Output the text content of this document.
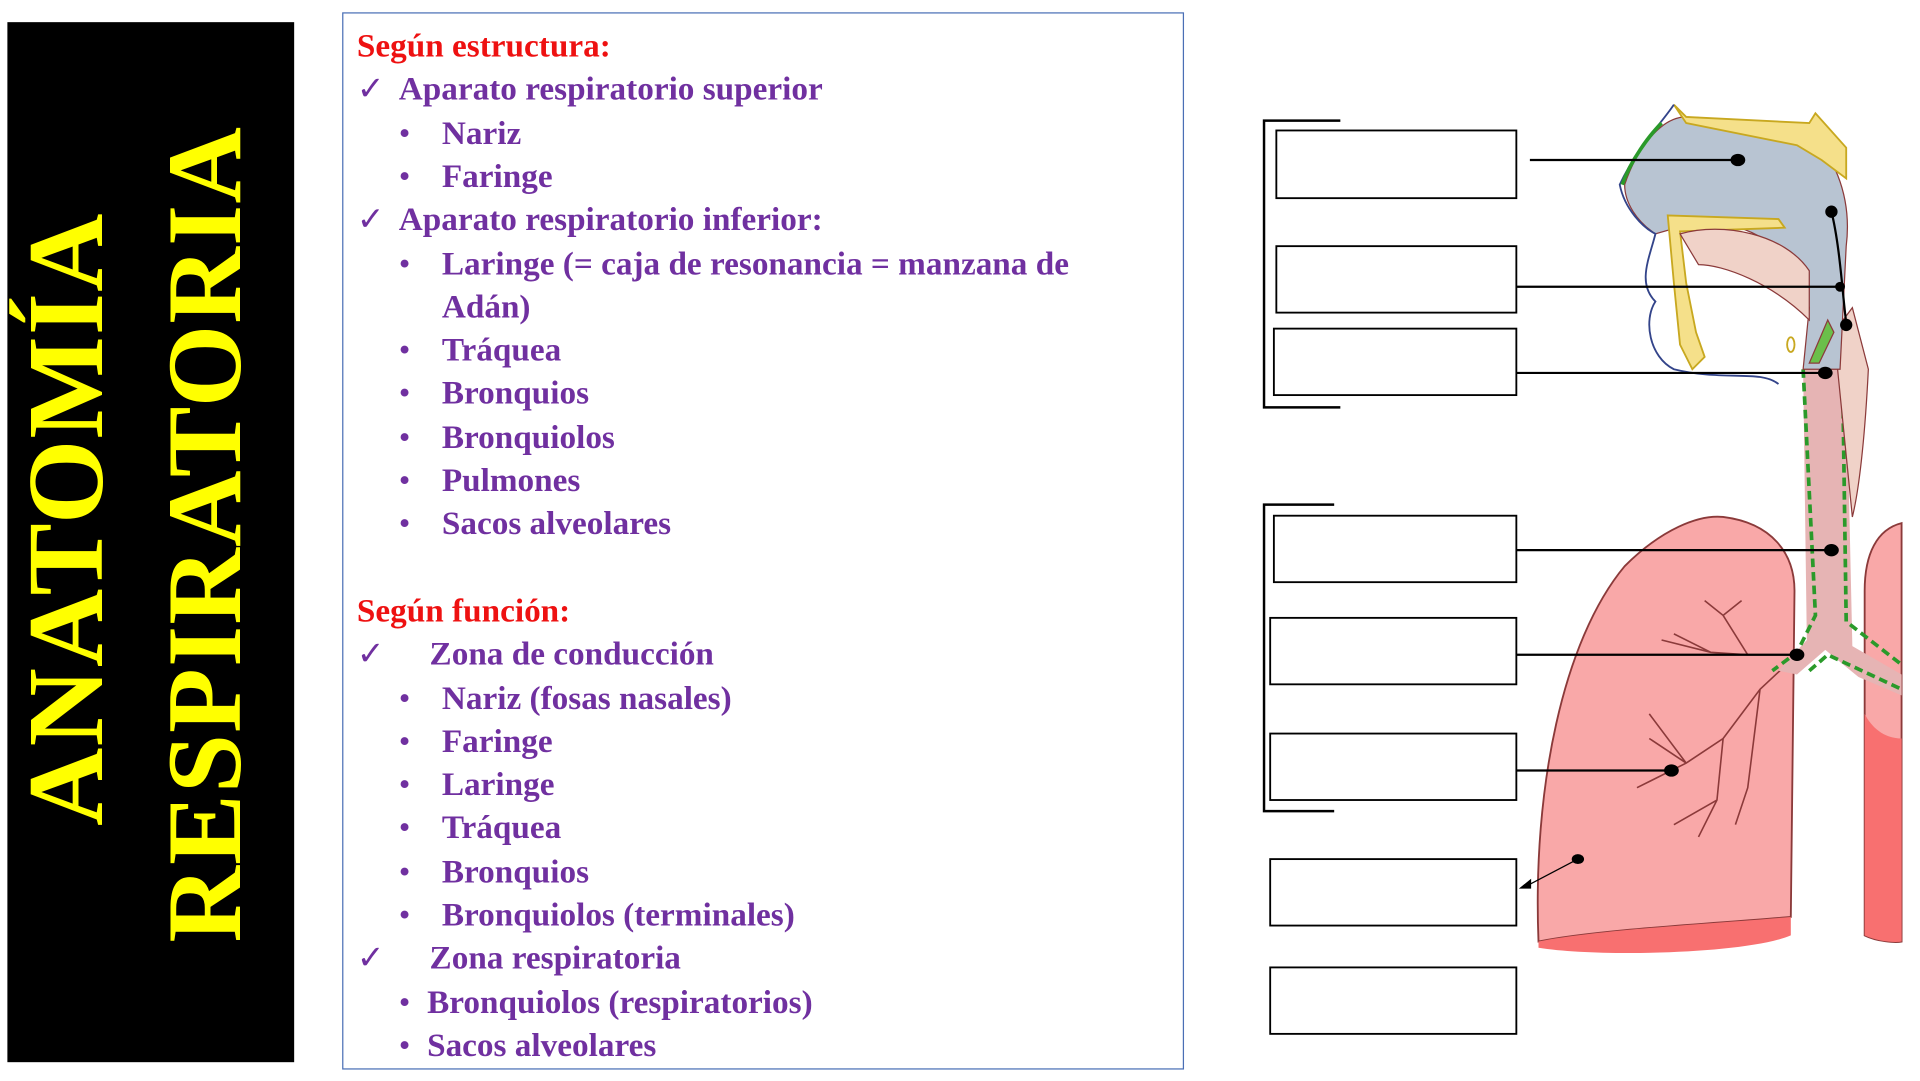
ANATOMÍA RESPIRATORIA
Según estructura:
✓ Aparato respiratorio superior
• Nariz
• Faringe
✓ Aparato respiratorio inferior:
• Laringe (= caja de resonancia = manzana de
Adán)
• Tráquea
• Bronquios
• Bronquiolos
• Pulmones
• Sacos alveolares
Según función:
✓ Zona de conducción
• Nariz (fosas nasales)
• Faringe
• Laringe
• Tráquea
• Bronquios
• Bronquiolos (terminales)
✓ Zona respiratoria
• Bronquiolos (respiratorios)
• Sacos alveolares
